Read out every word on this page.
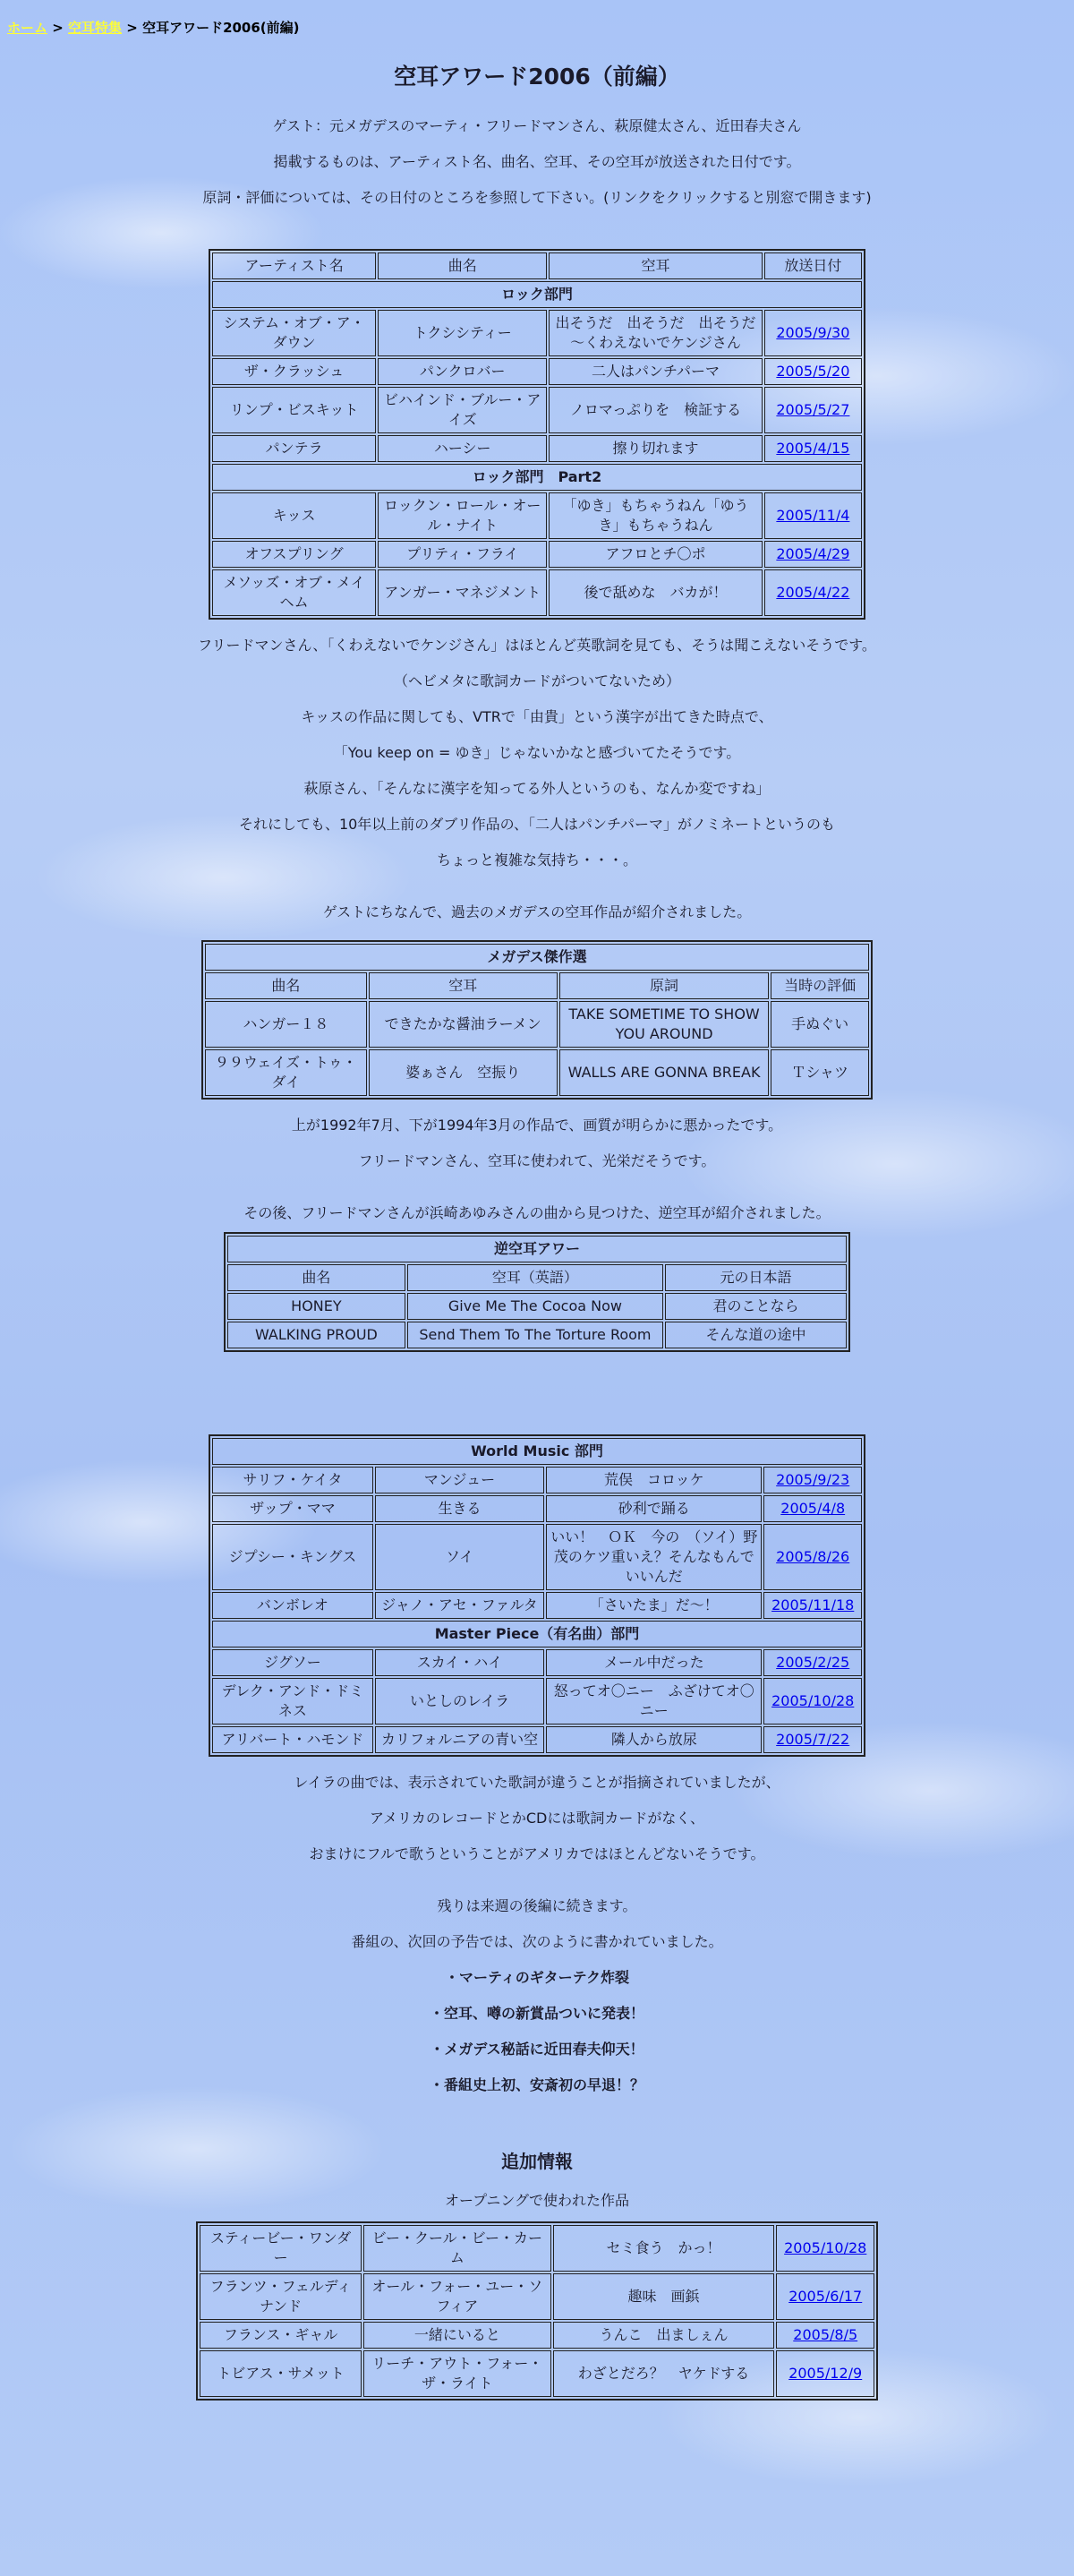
ホーム > 空耳特集 > 空耳アワード2006(前編)
空耳アワード2006（前編）

ゲスト：元メガデスのマーティ・フリードマンさん、萩原健太さん、近田春夫さん

掲載するものは、アーティスト名、曲名、空耳、その空耳が放送された日付です。

原詞・評価については、その日付のところを参照して下さい。(リンクをクリックすると別窓で開きます)

アーティスト名	曲名	空耳	放送日付
ロック部門			
システム・オブ・ア・ダウン	トクシシティー	出そうだ　出そうだ　出そうだ～くわえないでケンジさん	2005/9/30
ザ・クラッシュ	パンクロバー	二人はパンチパーマ	2005/5/20
リンプ・ビスキット	ビハインド・ブルー・アイズ	ノロマっぷりを　検証する	2005/5/27
パンテラ	ハーシー	擦り切れます	2005/4/15
ロック部門　Part2			
キッス	ロックン・ロール・オール・ナイト	「ゆき」もちゃうねん「ゆうき」もちゃうねん	2005/11/4
オフスプリング	プリティ・フライ	アフロとチ〇ポ	2005/4/29
メソッズ・オブ・メイヘム	アンガー・マネジメント	後で舐めな　バカが！	2005/4/22

フリードマンさん、「くわえないでケンジさん」はほとんど英歌詞を見ても、そうは聞こえないそうです。

（ヘビメタに歌詞カードがついてないため）

キッスの作品に関しても、VTRで「由貴」という漢字が出てきた時点で、

「You keep on = ゆき」じゃないかなと感づいてたそうです。

萩原さん、「そんなに漢字を知ってる外人というのも、なんか変ですね」

それにしても、10年以上前のダブリ作品の、「二人はパンチパーマ」がノミネートというのも

ちょっと複雑な気持ち・・・。

ゲストにちなんで、過去のメガデスの空耳作品が紹介されました。

メガデス傑作選			
曲名	空耳	原詞	当時の評価
ハンガー１８	できたかな醤油ラーメン	TAKE SOMETIME TO SHOW YOU AROUND	手ぬぐい
９９ウェイズ・トゥ・ダイ	婆ぁさん　空振り	WALLS ARE GONNA BREAK	Ｔシャツ

上が1992年7月、下が1994年3月の作品で、画質が明らかに悪かったです。

フリードマンさん、空耳に使われて、光栄だそうです。

その後、フリードマンさんが浜崎あゆみさんの曲から見つけた、逆空耳が紹介されました。

逆空耳アワー		
曲名	空耳（英語）	元の日本語
HONEY	Give Me The Cocoa Now	君のことなら
WALKING PROUD	Send Them To The Torture Room	そんな道の途中
World Music 部門			
サリフ・ケイタ	マンジュー	荒俣　コロッケ	2005/9/23
ザップ・ママ	生きる	砂利で踊る	2005/4/8
ジプシー・キングス	ソイ	いい！　ＯＫ　今の　（ソイ）野茂のケツ重いえ？そんなもんでいいんだ	2005/8/26
バンボレオ	ジャノ・アセ・ファルタ	「さいたま」だ～！	2005/11/18
Master Piece（有名曲）部門			
ジグソー	スカイ・ハイ	メール中だった	2005/2/25
デレク・アンド・ドミネス	いとしのレイラ	怒ってオ〇ニー　ふざけてオ〇ニー	2005/10/28
アリバート・ハモンド	カリフォルニアの青い空	隣人から放尿	2005/7/22

レイラの曲では、表示されていた歌詞が違うことが指摘されていましたが、

アメリカのレコードとかCDには歌詞カードがなく、

おまけにフルで歌うということがアメリカではほとんどないそうです。

残りは来週の後編に続きます。

番組の、次回の予告では、次のように書かれていました。

・マーティのギターテク炸裂

・空耳、噂の新賞品ついに発表！

・メガデス秘話に近田春夫仰天！

・番組史上初、安斎初の早退！？

追加情報

オープニングで使われた作品

スティービー・ワンダー	ビー・クール・ビー・カーム	セミ食う　かっ！	2005/10/28
フランツ・フェルディナンド	オール・フォー・ユー・ソフィア	趣味　画鋲	2005/6/17
フランス・ギャル	一緒にいると	うんこ　出ましぇん	2005/8/5
トビアス・サメット	リーチ・アウト・フォー・ザ・ライト	わざとだろ？　ヤケドする	2005/12/9
